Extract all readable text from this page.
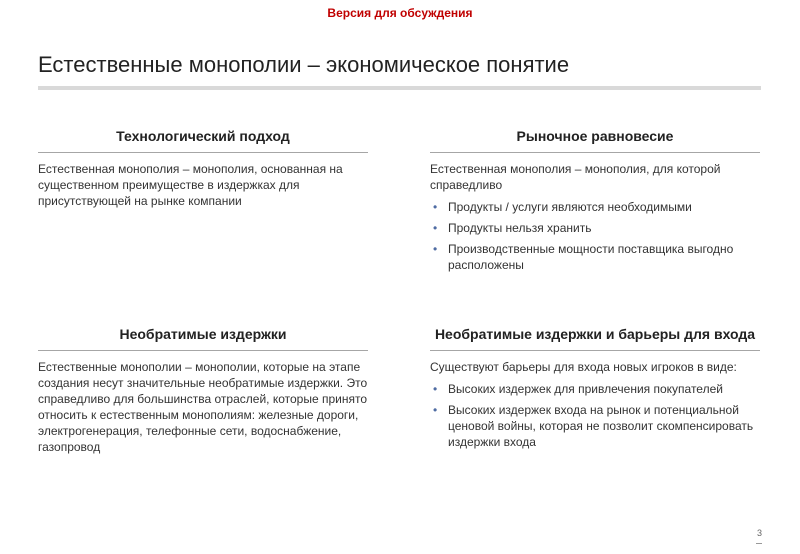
Версия для обсуждения
Естественные монополии – экономическое понятие
Технологический подход
Естественная монополия – монополия, основанная на существенном преимуществе в издержках для присутствующей на рынке компании
Рыночное равновесие
Естественная монополия – монополия, для которой справедливо
• Продукты / услуги являются необходимыми
• Продукты нельзя хранить
• Производственные мощности поставщика выгодно расположены
Необратимые издержки
Естественные монополии – монополии, которые на этапе создания несут значительные необратимые издержки. Это справедливо для большинства отраслей, которые принято относить к естественным монополиям: железные дороги, электрогенерация, телефонные сети, водоснабжение, газопровод
Необратимые издержки и барьеры для входа
Существуют барьеры для входа новых игроков в виде:
• Высоких издержек для привлечения покупателей
• Высоких издержек входа на рынок и потенциальной ценовой войны, которая не позволит скомпенсировать издержки входа
3
